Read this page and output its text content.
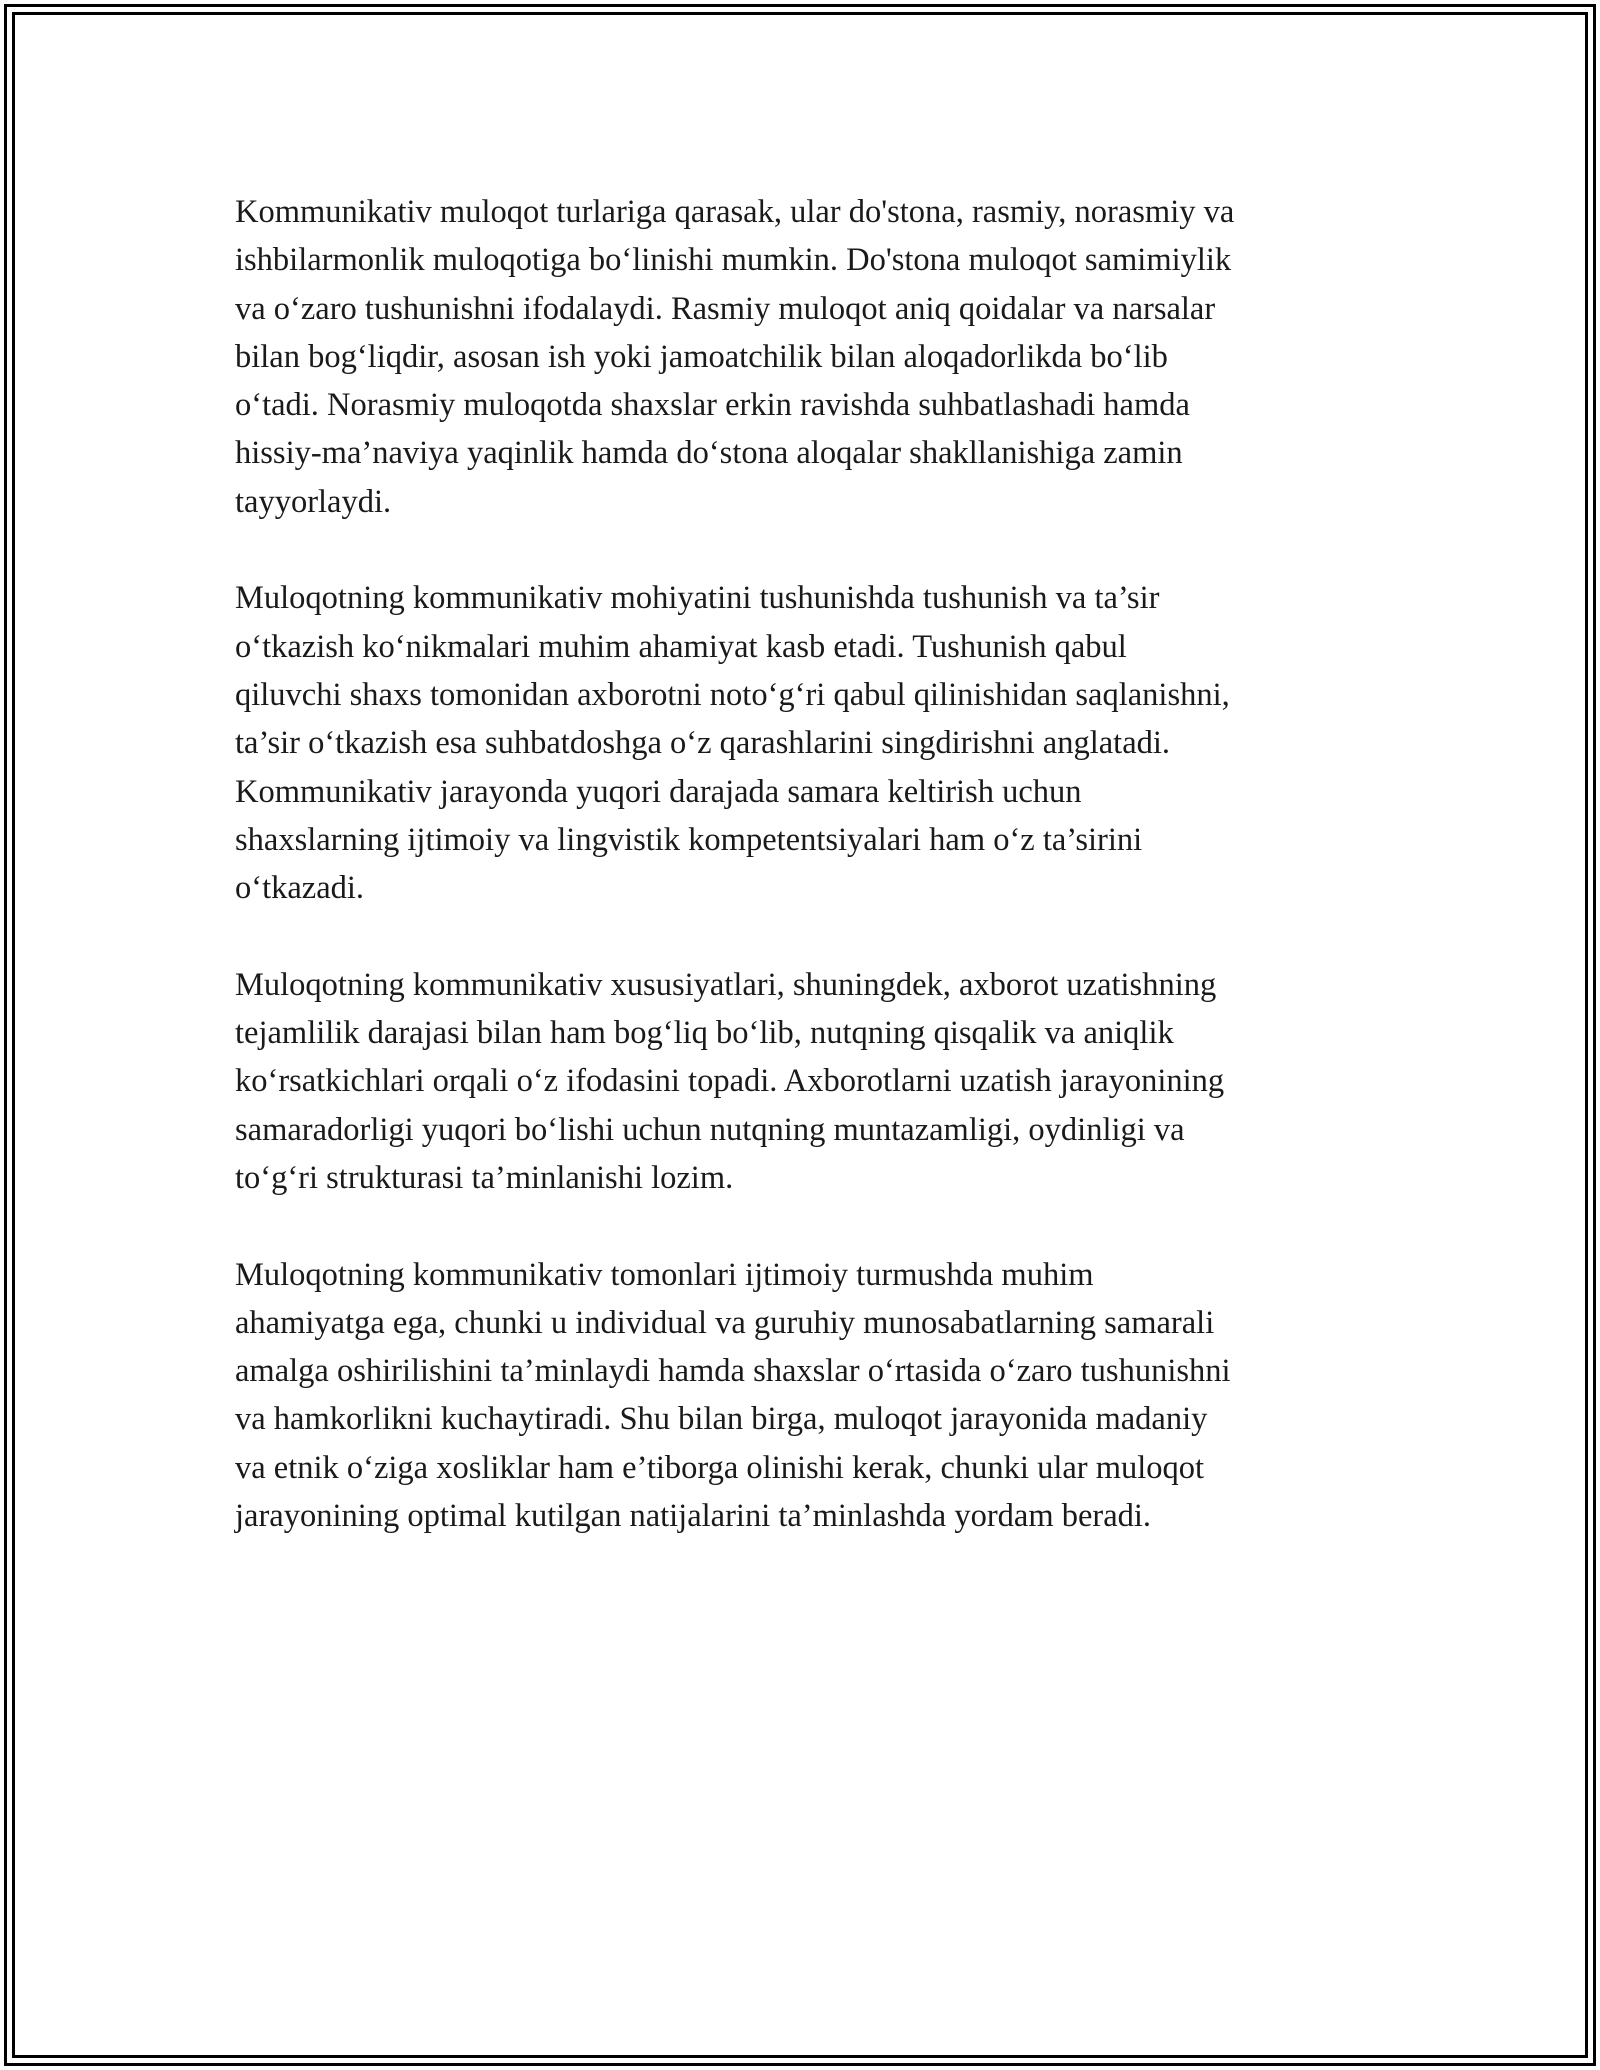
Kommunikativ muloqot turlariga qarasak, ular do'stona, rasmiy, norasmiy va
ishbilarmonlik muloqotiga bo‘linishi mumkin. Do'stona muloqot samimiylik
va o‘zaro tushunishni ifodalaydi. Rasmiy muloqot aniq qoidalar va narsalar
bilan bog‘liqdir, asosan ish yoki jamoatchilik bilan aloqadorlikda bo‘lib
o‘tadi. Norasmiy muloqotda shaxslar erkin ravishda suhbatlashadi hamda
hissiy-ma’naviya yaqinlik hamda do‘stona aloqalar shakllanishiga zamin
tayyorlaydi.

Muloqotning kommunikativ mohiyatini tushunishda tushunish va ta’sir
o‘tkazish ko‘nikmalari muhim ahamiyat kasb etadi. Tushunish qabul
qiluvchi shaxs tomonidan axborotni noto‘g‘ri qabul qilinishidan saqlanishni,
ta’sir o‘tkazish esa suhbatdoshga o‘z qarashlarini singdirishni anglatadi.
Kommunikativ jarayonda yuqori darajada samara keltirish uchun
shaxslarning ijtimoiy va lingvistik kompetentsiyalari ham o‘z ta’sirini
o‘tkazadi.

Muloqotning kommunikativ xususiyatlari, shuningdek, axborot uzatishning
tejamlilik darajasi bilan ham bog‘liq bo‘lib, nutqning qisqalik va aniqlik
ko‘rsatkichlari orqali o‘z ifodasini topadi. Axborotlarni uzatish jarayonining
samaradorligi yuqori bo‘lishi uchun nutqning muntazamligi, oydinligi va
to‘g‘ri strukturasi ta’minlanishi lozim.

Muloqotning kommunikativ tomonlari ijtimoiy turmushda muhim
ahamiyatga ega, chunki u individual va guruhiy munosabatlarning samarali
amalga oshirilishini ta’minlaydi hamda shaxslar o‘rtasida o‘zaro tushunishni
va hamkorlikni kuchaytiradi. Shu bilan birga, muloqot jarayonida madaniy
va etnik o‘ziga xosliklar ham e’tiborga olinishi kerak, chunki ular muloqot
jarayonining optimal kutilgan natijalarini ta’minlashda yordam beradi.
